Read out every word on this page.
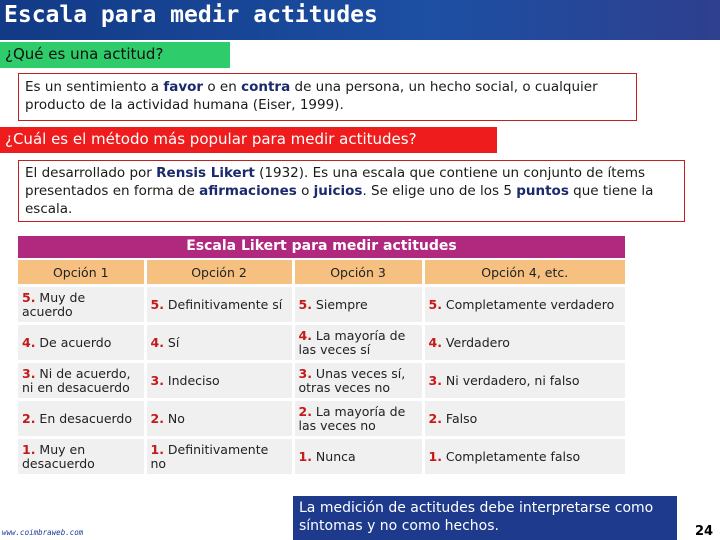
Escala para medir actitudes
¿Qué es una actitud?
Es un sentimiento a favor o en contra de una persona, un hecho social, o cualquier producto de la actividad humana (Eiser, 1999).
¿Cuál es el método más popular para medir actitudes?
El desarrollado por Rensis Likert (1932). Es una escala que contiene un conjunto de ítems presentados en forma de afirmaciones o juicios. Se elige uno de los 5 puntos que tiene la escala.
Escala Likert para medir actitudes
Opción 1	Opción 2	Opción 3	Opción 4, etc.
5. Muy de acuerdo	5. Definitivamente sí	5. Siempre	5. Completamente verdadero
4. De acuerdo	4. Sí	4. La mayoría de las veces sí	4. Verdadero
3. Ni de acuerdo, ni en desacuerdo	3. Indeciso	3. Unas veces sí, otras veces no	3. Ni verdadero, ni falso
2. En desacuerdo	2. No	2. La mayoría de las veces no	2. Falso
1. Muy en desacuerdo	1. Definitivamente no	1. Nunca	1. Completamente falso
www.coimbraweb.com
La medición de actitudes debe interpretarse como síntomas y no como hechos.	24
